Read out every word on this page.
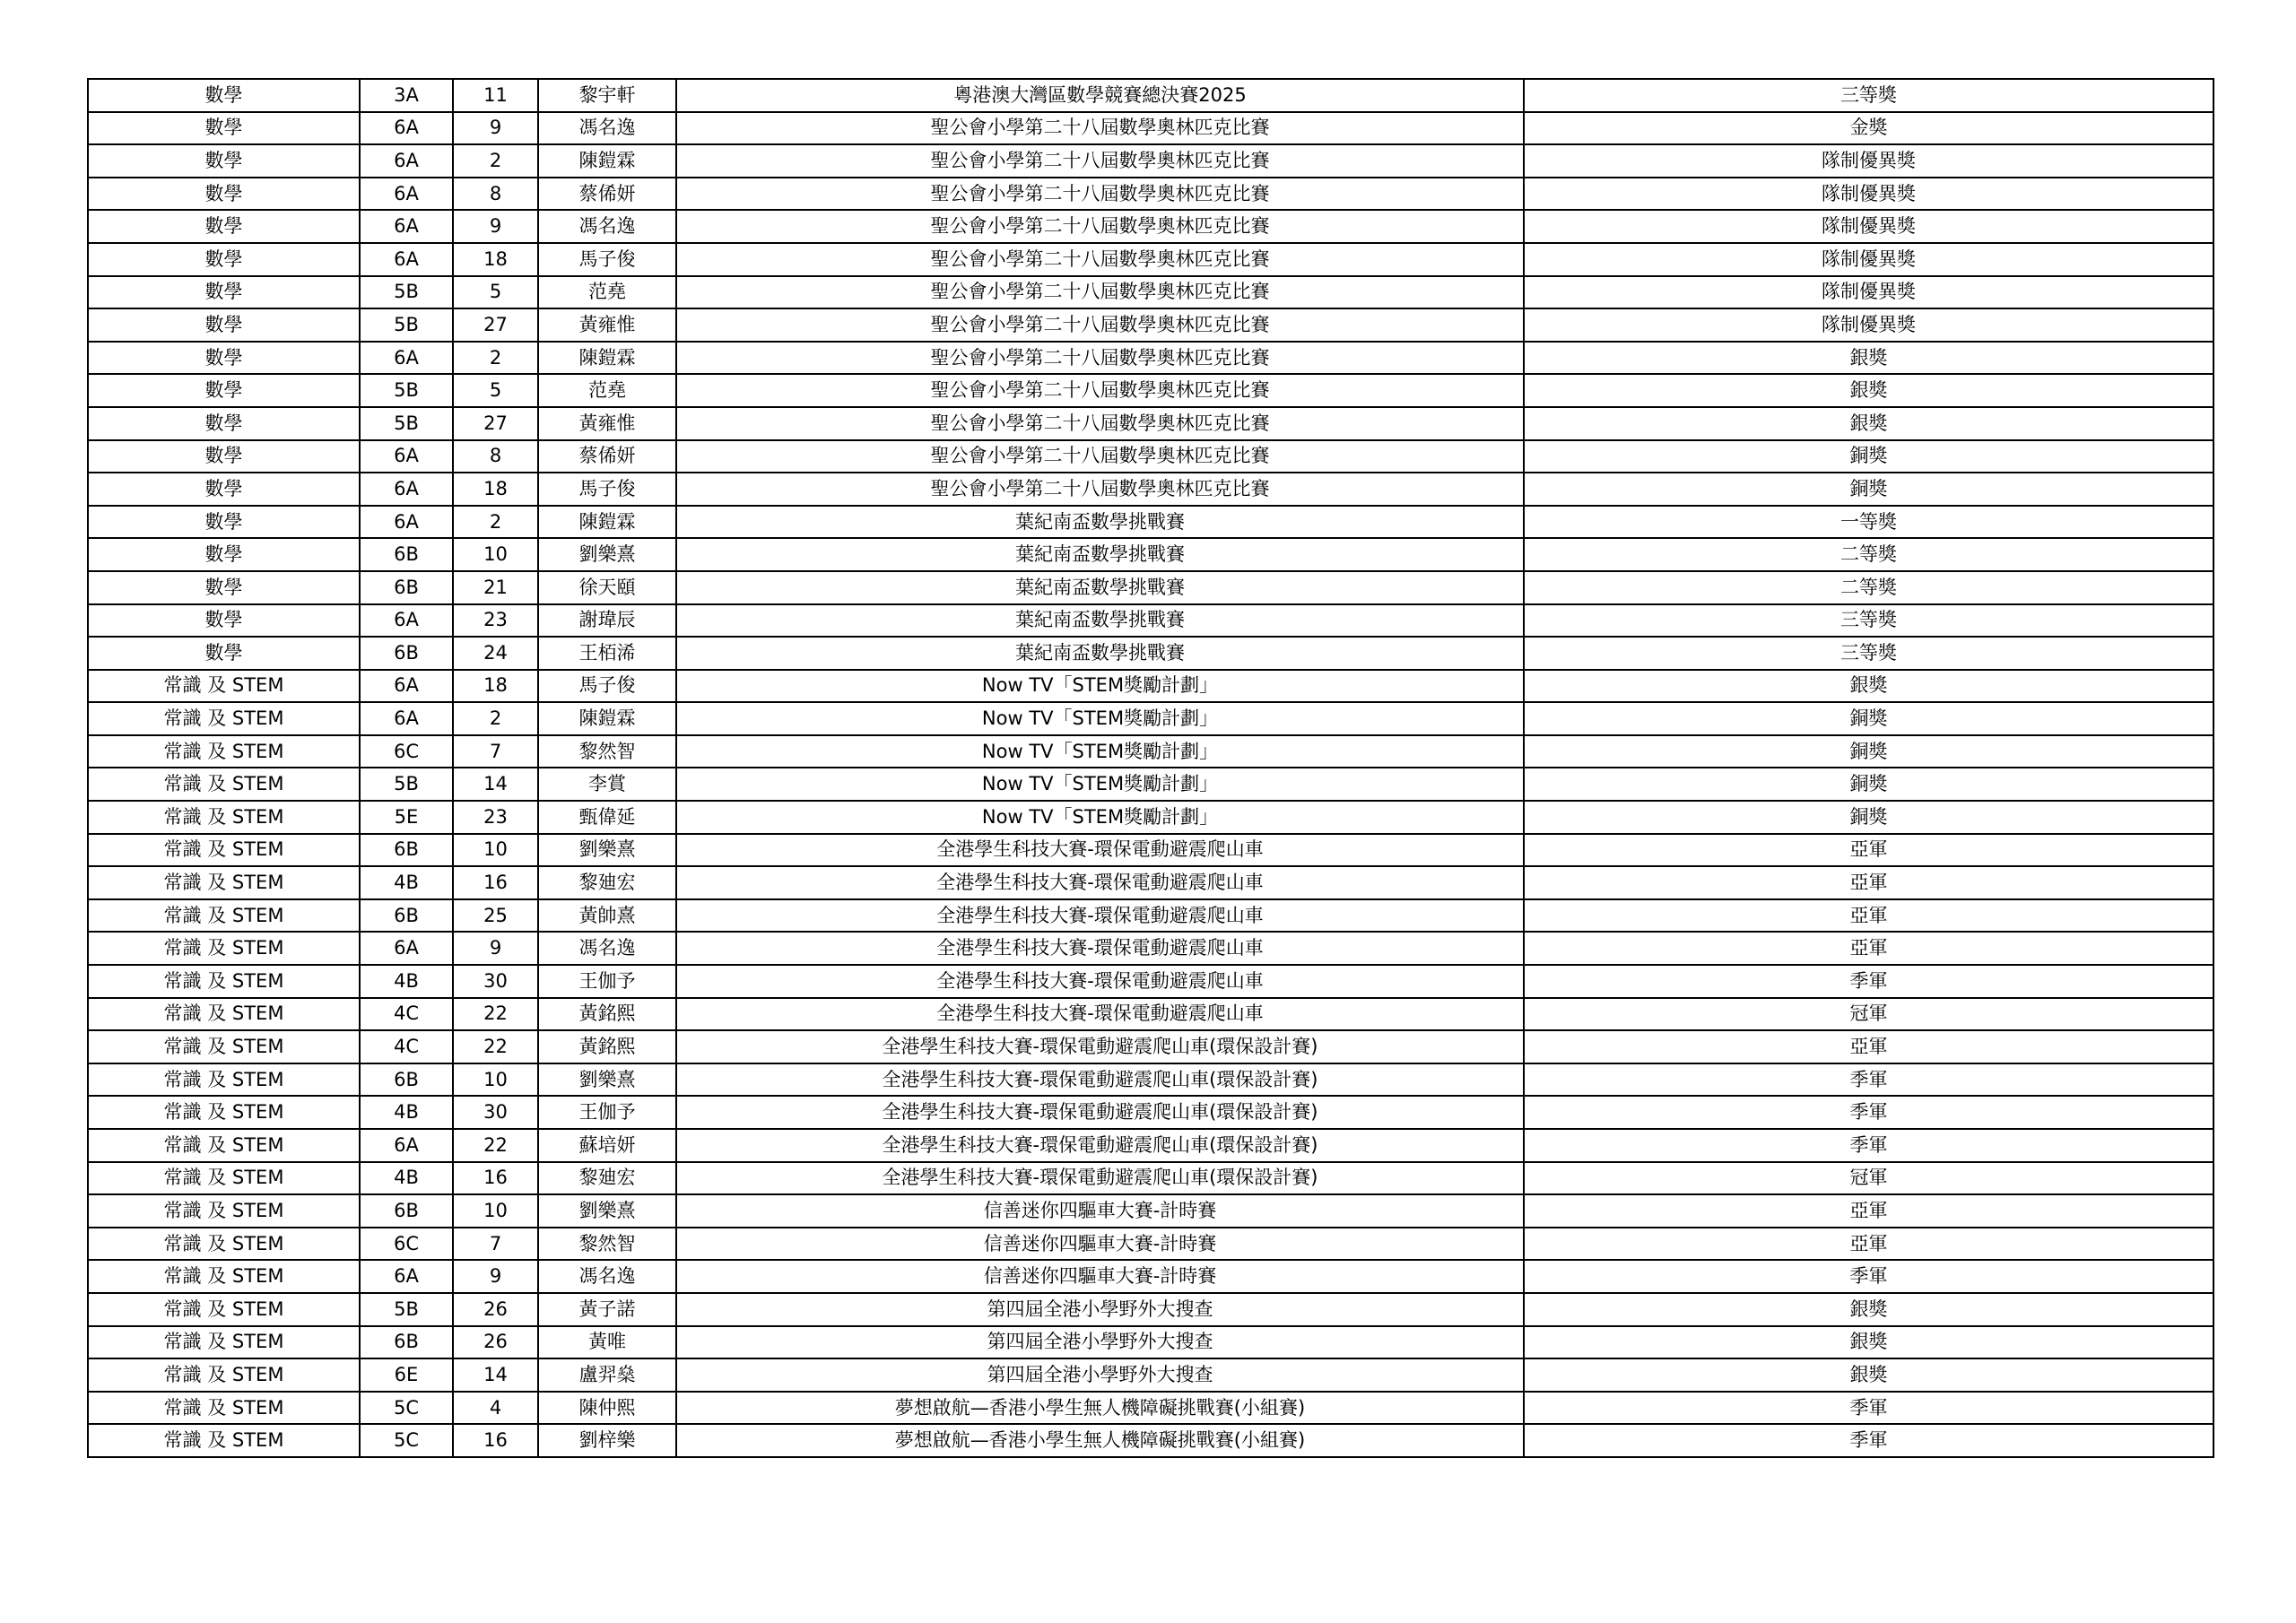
數學	3A	11	黎宇軒	粵港澳大灣區數學競賽總決賽2025	三等獎
數學	6A	9	馮名逸	聖公會小學第二十八屆數學奧林匹克比賽	金獎
數學	6A	2	陳鎧霖	聖公會小學第二十八屆數學奧林匹克比賽	隊制優異獎
數學	6A	8	蔡俙妍	聖公會小學第二十八屆數學奧林匹克比賽	隊制優異獎
數學	6A	9	馮名逸	聖公會小學第二十八屆數學奧林匹克比賽	隊制優異獎
數學	6A	18	馬子俊	聖公會小學第二十八屆數學奧林匹克比賽	隊制優異獎
數學	5B	5	范堯	聖公會小學第二十八屆數學奧林匹克比賽	隊制優異獎
數學	5B	27	黃雍惟	聖公會小學第二十八屆數學奧林匹克比賽	隊制優異獎
數學	6A	2	陳鎧霖	聖公會小學第二十八屆數學奧林匹克比賽	銀獎
數學	5B	5	范堯	聖公會小學第二十八屆數學奧林匹克比賽	銀獎
數學	5B	27	黃雍惟	聖公會小學第二十八屆數學奧林匹克比賽	銀獎
數學	6A	8	蔡俙妍	聖公會小學第二十八屆數學奧林匹克比賽	銅獎
數學	6A	18	馬子俊	聖公會小學第二十八屆數學奧林匹克比賽	銅獎
數學	6A	2	陳鎧霖	葉紀南盃數學挑戰賽	一等獎
數學	6B	10	劉樂熹	葉紀南盃數學挑戰賽	二等獎
數學	6B	21	徐天頤	葉紀南盃數學挑戰賽	二等獎
數學	6A	23	謝瑋辰	葉紀南盃數學挑戰賽	三等獎
數學	6B	24	王栢浠	葉紀南盃數學挑戰賽	三等獎
常識 及 STEM	6A	18	馬子俊	Now TV「STEM獎勵計劃」	銀獎
常識 及 STEM	6A	2	陳鎧霖	Now TV「STEM獎勵計劃」	銅獎
常識 及 STEM	6C	7	黎然智	Now TV「STEM獎勵計劃」	銅獎
常識 及 STEM	5B	14	李賞	Now TV「STEM獎勵計劃」	銅獎
常識 及 STEM	5E	23	甄偉延	Now TV「STEM獎勵計劃」	銅獎
常識 及 STEM	6B	10	劉樂熹	全港學生科技大賽-環保電動避震爬山車	亞軍
常識 及 STEM	4B	16	黎廸宏	全港學生科技大賽-環保電動避震爬山車	亞軍
常識 及 STEM	6B	25	黃帥熹	全港學生科技大賽-環保電動避震爬山車	亞軍
常識 及 STEM	6A	9	馮名逸	全港學生科技大賽-環保電動避震爬山車	亞軍
常識 及 STEM	4B	30	王伽予	全港學生科技大賽-環保電動避震爬山車	季軍
常識 及 STEM	4C	22	黃銘熙	全港學生科技大賽-環保電動避震爬山車	冠軍
常識 及 STEM	4C	22	黃銘熙	全港學生科技大賽-環保電動避震爬山車(環保設計賽)	亞軍
常識 及 STEM	6B	10	劉樂熹	全港學生科技大賽-環保電動避震爬山車(環保設計賽)	季軍
常識 及 STEM	4B	30	王伽予	全港學生科技大賽-環保電動避震爬山車(環保設計賽)	季軍
常識 及 STEM	6A	22	蘇培妍	全港學生科技大賽-環保電動避震爬山車(環保設計賽)	季軍
常識 及 STEM	4B	16	黎廸宏	全港學生科技大賽-環保電動避震爬山車(環保設計賽)	冠軍
常識 及 STEM	6B	10	劉樂熹	信善迷你四驅車大賽-計時賽	亞軍
常識 及 STEM	6C	7	黎然智	信善迷你四驅車大賽-計時賽	亞軍
常識 及 STEM	6A	9	馮名逸	信善迷你四驅車大賽-計時賽	季軍
常識 及 STEM	5B	26	黃子諾	第四屆全港小學野外大搜查	銀獎
常識 及 STEM	6B	26	黃唯	第四屆全港小學野外大搜查	銀獎
常識 及 STEM	6E	14	盧羿燊	第四屆全港小學野外大搜查	銀獎
常識 及 STEM	5C	4	陳仲熙	夢想啟航—香港小學生無人機障礙挑戰賽(小組賽)	季軍
常識 及 STEM	5C	16	劉梓樂	夢想啟航—香港小學生無人機障礙挑戰賽(小組賽)	季軍
